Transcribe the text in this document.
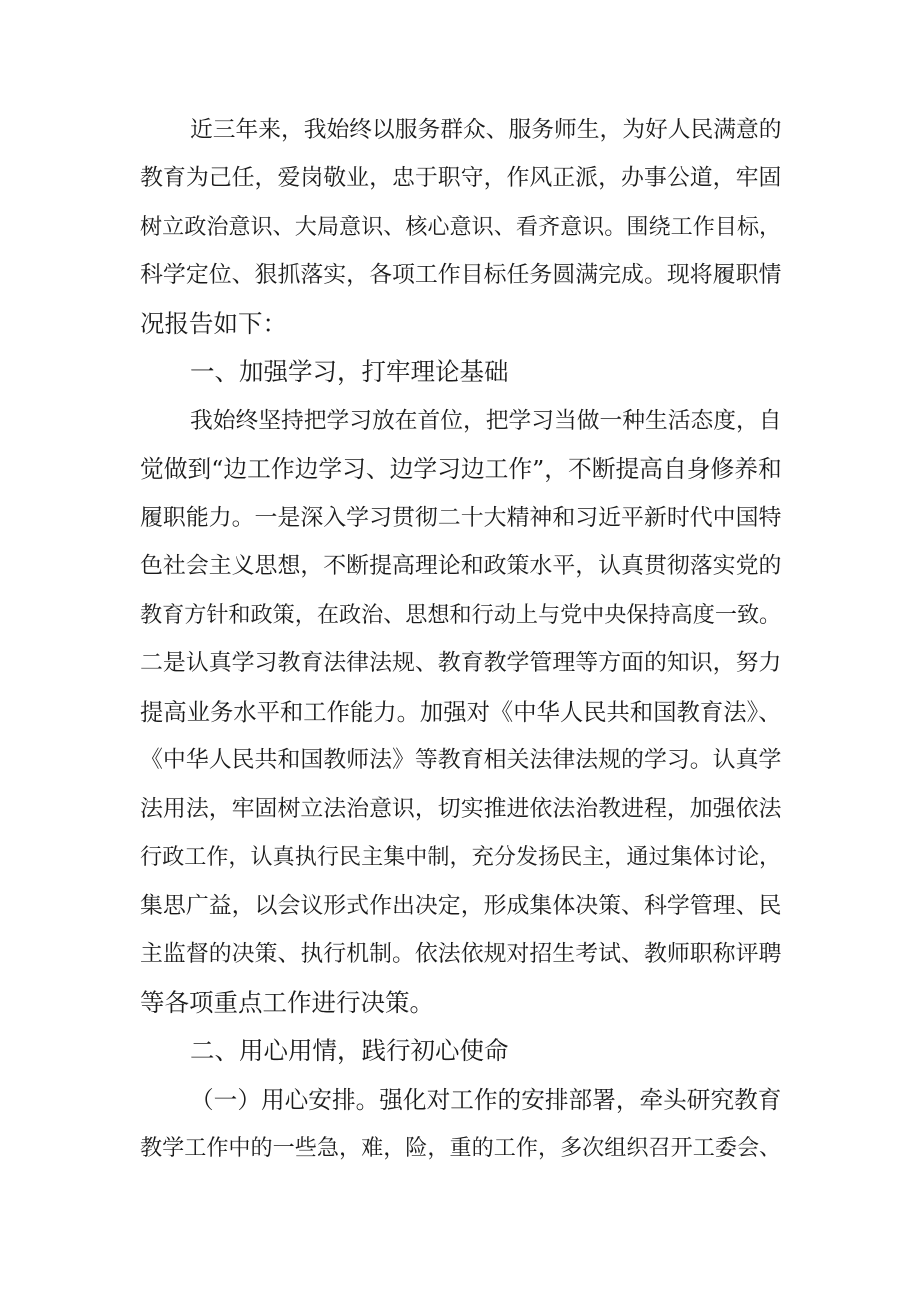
近三年来，我始终以服务群众、服务师生，为好人民满意的
教育为己任，爱岗敬业，忠于职守，作风正派，办事公道，牢固
树立政治意识、大局意识、核心意识、看齐意识。围绕工作目标，
科学定位、狠抓落实，各项工作目标任务圆满完成。现将履职情
况报告如下：
一、加强学习，打牢理论基础
我始终坚持把学习放在首位，把学习当做一种生活态度，自
觉做到“边工作边学习、边学习边工作”，不断提高自身修养和
履职能力。一是深入学习贯彻二十大精神和习近平新时代中国特
色社会主义思想，不断提高理论和政策水平，认真贯彻落实党的
教育方针和政策，在政治、思想和行动上与党中央保持高度一致。
二是认真学习教育法律法规、教育教学管理等方面的知识，努力
提高业务水平和工作能力。加强对《中华人民共和国教育法》、
《中华人民共和国教师法》等教育相关法律法规的学习。认真学
法用法，牢固树立法治意识，切实推进依法治教进程，加强依法
行政工作，认真执行民主集中制，充分发扬民主，通过集体讨论，
集思广益，以会议形式作出决定，形成集体决策、科学管理、民
主监督的决策、执行机制。依法依规对招生考试、教师职称评聘
等各项重点工作进行决策。
二、用心用情，践行初心使命
（一）用心安排。强化对工作的安排部署，牵头研究教育
教学工作中的一些急，难，险，重的工作，多次组织召开工委会、
